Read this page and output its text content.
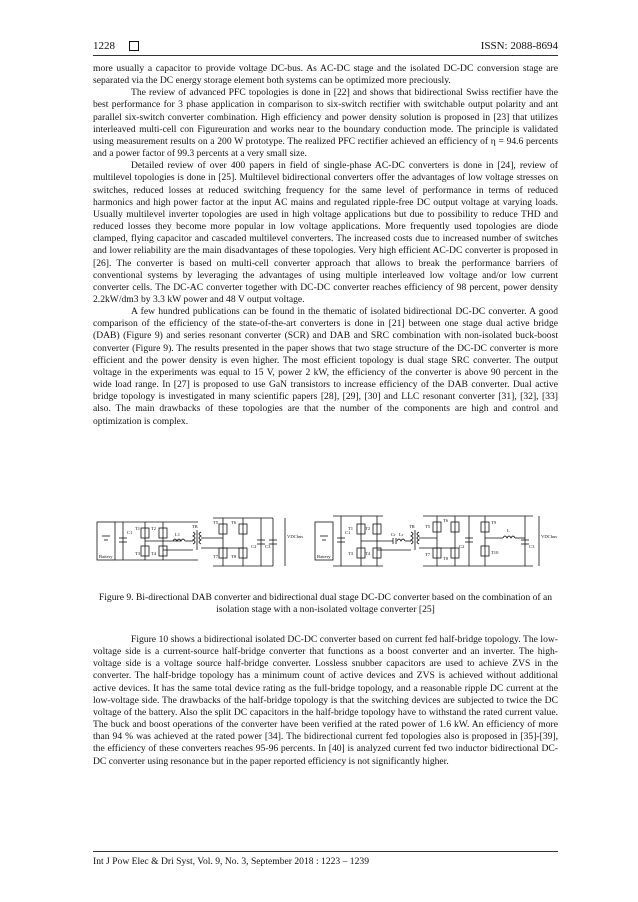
1228	ISSN: 2088-8694

more usually a capacitor to provide voltage DC-bus. As AC-DC stage and the isolated DC-DC conversion stage are separated via the DC energy storage element both systems can be optimized more preciously.

The review of advanced PFC topologies is done in [22] and shows that bidirectional Swiss rectifier have the best performance for 3 phase application in comparison to six-switch rectifier with switchable output polarity and ant parallel six-switch converter combination. High efficiency and power density solution is proposed in [23] that utilizes interleaved multi-cell con Figureuration and works near to the boundary conduction mode. The principle is validated using measurement results on a 200 W prototype. The realized PFC rectifier achieved an efficiency of η = 94.6 percents and a power factor of 99.3 percents at a very small size.

Detailed review of over 400 papers in field of single-phase AC-DC converters is done in [24], review of multilevel topologies is done in [25]. Multilevel bidirectional converters offer the advantages of low voltage stresses on switches, reduced losses at reduced switching frequency for the same level of performance in terms of reduced harmonics and high power factor at the input AC mains and regulated ripple-free DC output voltage at varying loads. Usually multilevel inverter topologies are used in high voltage applications but due to possibility to reduce THD and reduced losses they become more popular in low voltage applications. More frequently used topologies are diode clamped, flying capacitor and cascaded multilevel converters. The increased costs due to increased number of switches and lower reliability are the main disadvantages of these topologies. Very high efficient AC-DC converter is proposed in [26]. The converter is based on multi-cell converter approach that allows to break the performance barriers of conventional systems by leveraging the advantages of using multiple interleaved low voltage and/or low current converter cells. The DC-AC converter together with DC-DC converter reaches efficiency of 98 percent, power density 2.2kW/dm3 by 3.3 kW power and 48 V output voltage.

A few hundred publications can be found in the thematic of isolated bidirectional DC-DC converter. A good comparison of the efficiency of the state-of-the-art converters is done in [21] between one stage dual active bridge (DAB) (Figure 9) and series resonant converter (SCR) and DAB and SRC combination with non-isolated buck-boost converter (Figure 9). The results presented in the paper shows that two stage structure of the DC-DC converter is more efficient and the power density is even higher. The most efficient topology is dual stage SRC converter. The output voltage in the experiments was equal to 15 V, power 2 kW, the efficiency of the converter is above 90 percent in the wide load range. In [27] is proposed to use GaN transistors to increase efficiency of the DAB converter. Dual active bridge topology is investigated in many scientific papers [28], [29], [30] and LLC resonant converter [31], [32], [33] also. The main drawbacks of these topologies are that the number of the components are high and control and optimization is complex.

Battery
C1
T1 T2
T3 T4
L1
TR
T5	T6
T7	T8
C2 C3
VDCbus
Battery
C1
T1	T2
T3	T4
Cr Lr
TR T5
T6
T7
T8
C2
T9
T10
L
C3
VDCbus
Figure 9. Bi-directional DAB converter and bidirectional dual stage DC-DC converter based on the combination of an isolation stage with a non-isolated voltage converter [25]

Figure 10 shows a bidirectional isolated DC-DC converter based on current fed half-bridge topology. The low-voltage side is a current-source half-bridge converter that functions as a boost converter and an inverter. The high-voltage side is a voltage source half-bridge converter. Lossless snubber capacitors are used to achieve ZVS in the converter. The half-bridge topology has a minimum count of active devices and ZVS is achieved without additional active devices. It has the same total device rating as the full-bridge topology, and a reasonable ripple DC current at the low-voltage side. The drawbacks of the half-bridge topology is that the switching devices are subjected to twice the DC voltage of the battery. Also the split DC capacitors in the half-bridge topology have to withstand the rated current value. The buck and boost operations of the converter have been verified at the rated power of 1.6 kW. An efficiency of more than 94 % was achieved at the rated power [34]. The bidirectional current fed topologies also is proposed in [35]-[39], the efficiency of these converters reaches 95-96 percents. In [40] is analyzed current fed two inductor bidirectional DC-DC converter using resonance but in the paper reported efficiency is not significantly higher.

Int J Pow Elec & Dri Syst, Vol. 9, No. 3, September 2018 : 1223 – 1239
